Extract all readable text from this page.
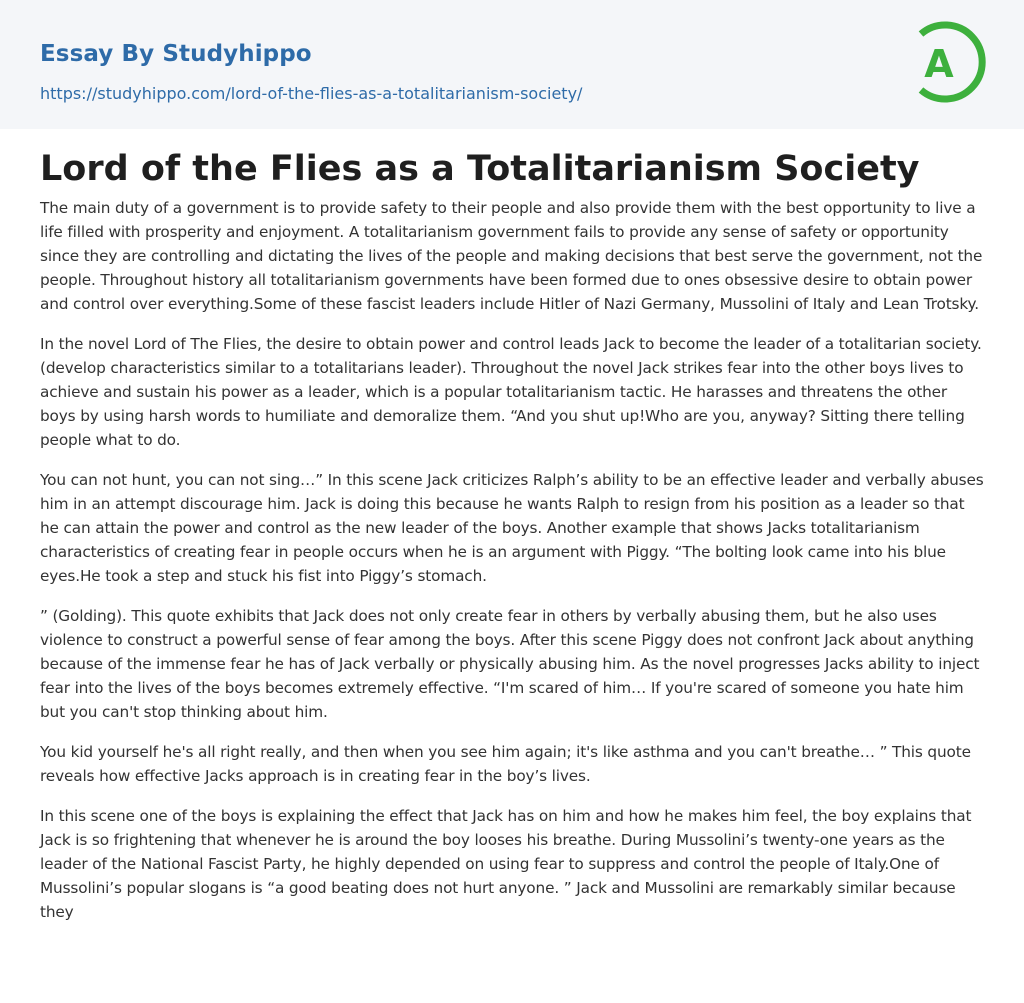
Essay By Studyhippo
https://studyhippo.com/lord-of-the-flies-as-a-totalitarianism-society/
A
Lord of the Flies as a Totalitarianism Society

The main duty of a government is to provide safety to their people and also provide them with the best opportunity to live a life filled with prosperity and enjoyment. A totalitarianism government fails to provide any sense of safety or opportunity since they are controlling and dictating the lives of the people and making decisions that best serve the government, not the people. Throughout history all totalitarianism governments have been formed due to ones obsessive desire to obtain power and control over everything.Some of these fascist leaders include Hitler of Nazi Germany, Mussolini of Italy and Lean Trotsky.

In the novel Lord of The Flies, the desire to obtain power and control leads Jack to become the leader of a totalitarian society. (develop characteristics similar to a totalitarians leader). Throughout the novel Jack strikes fear into the other boys lives to achieve and sustain his power as a leader, which is a popular totalitarianism tactic. He harasses and threatens the other boys by using harsh words to humiliate and demoralize them. “And you shut up!Who are you, anyway? Sitting there telling people what to do.

You can not hunt, you can not sing…” In this scene Jack criticizes Ralph’s ability to be an effective leader and verbally abuses him in an attempt discourage him. Jack is doing this because he wants Ralph to resign from his position as a leader so that he can attain the power and control as the new leader of the boys. Another example that shows Jacks totalitarianism characteristics of creating fear in people occurs when he is an argument with Piggy. “The bolting look came into his blue eyes.He took a step and stuck his fist into Piggy’s stomach.

” (Golding). This quote exhibits that Jack does not only create fear in others by verbally abusing them, but he also uses violence to construct a powerful sense of fear among the boys. After this scene Piggy does not confront Jack about anything because of the immense fear he has of Jack verbally or physically abusing him. As the novel progresses Jacks ability to inject fear into the lives of the boys becomes extremely effective. “I'm scared of him… If you're scared of someone you hate him but you can't stop thinking about him.

You kid yourself he's all right really, and then when you see him again; it's like asthma and you can't breathe… ” This quote reveals how effective Jacks approach is in creating fear in the boy’s lives.

In this scene one of the boys is explaining the effect that Jack has on him and how he makes him feel, the boy explains that Jack is so frightening that whenever he is around the boy looses his breathe. During Mussolini’s twenty-one years as the leader of the National Fascist Party, he highly depended on using fear to suppress and control the people of Italy.One of Mussolini’s popular slogans is “a good beating does not hurt anyone. ” Jack and Mussolini are remarkably similar because they
